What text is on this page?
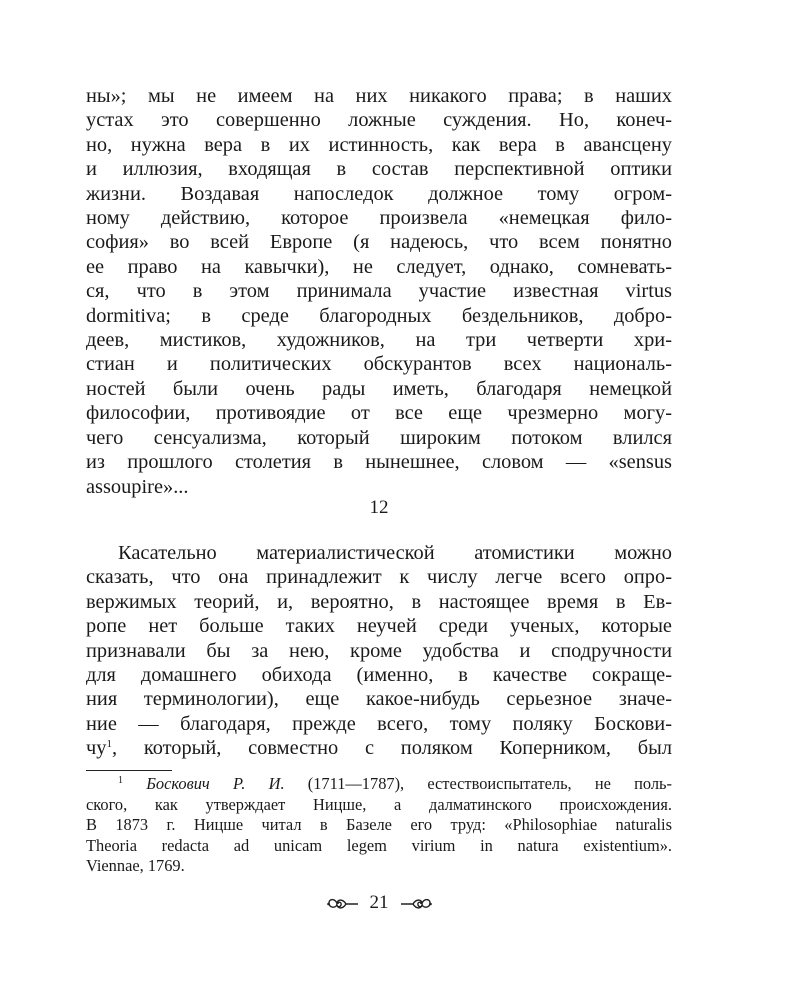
ны»; мы не имеем на них никакого права; в наших
устах это совершенно ложные суждения. Но, конеч-
но, нужна вера в их истинность, как вера в авансцену
и иллюзия, входящая в состав перспективной оптики
жизни. Воздавая напоследок должное тому огром-
ному действию, которое произвела «немецкая фило-
софия» во всей Европе (я надеюсь, что всем понятно
ее право на кавычки), не следует, однако, сомневать-
ся, что в этом принимала участие известная virtus
dormitiva; в среде благородных бездельников, добро-
деев, мистиков, художников, на три четверти хри-
стиан и политических обскурантов всех националь-
ностей были очень рады иметь, благодаря немецкой
философии, противоядие от все еще чрезмерно могу-
чего сенсуализма, который широким потоком влился
из прошлого столетия в нынешнее, словом — «sensus
assoupire»...
12
Касательно материалистической атомистики можно
сказать, что она принадлежит к числу легче всего опро-
вержимых теорий, и, вероятно, в настоящее время в Ев-
ропе нет больше таких неучей среди ученых, которые
признавали бы за нею, кроме удобства и сподручности
для домашнего обихода (именно, в качестве сокраще-
ния терминологии), еще какое-нибудь серьезное значе-
ние — благодаря, прежде всего, тому поляку Боскови-
$чу^1$, который, совместно с поляком Коперником, был
$^1$ Боскович Р. И. (1711—1787), естествоиспытатель, не поль-
ского, как утверждает Ницше, а далматинского происхождения.
В 1873 г. Ницше читал в Базеле его труд: «Philosophiae naturalis
Theoria redacta ad unicam legem virium in natura existentium».
Viennae, 1769.
21
